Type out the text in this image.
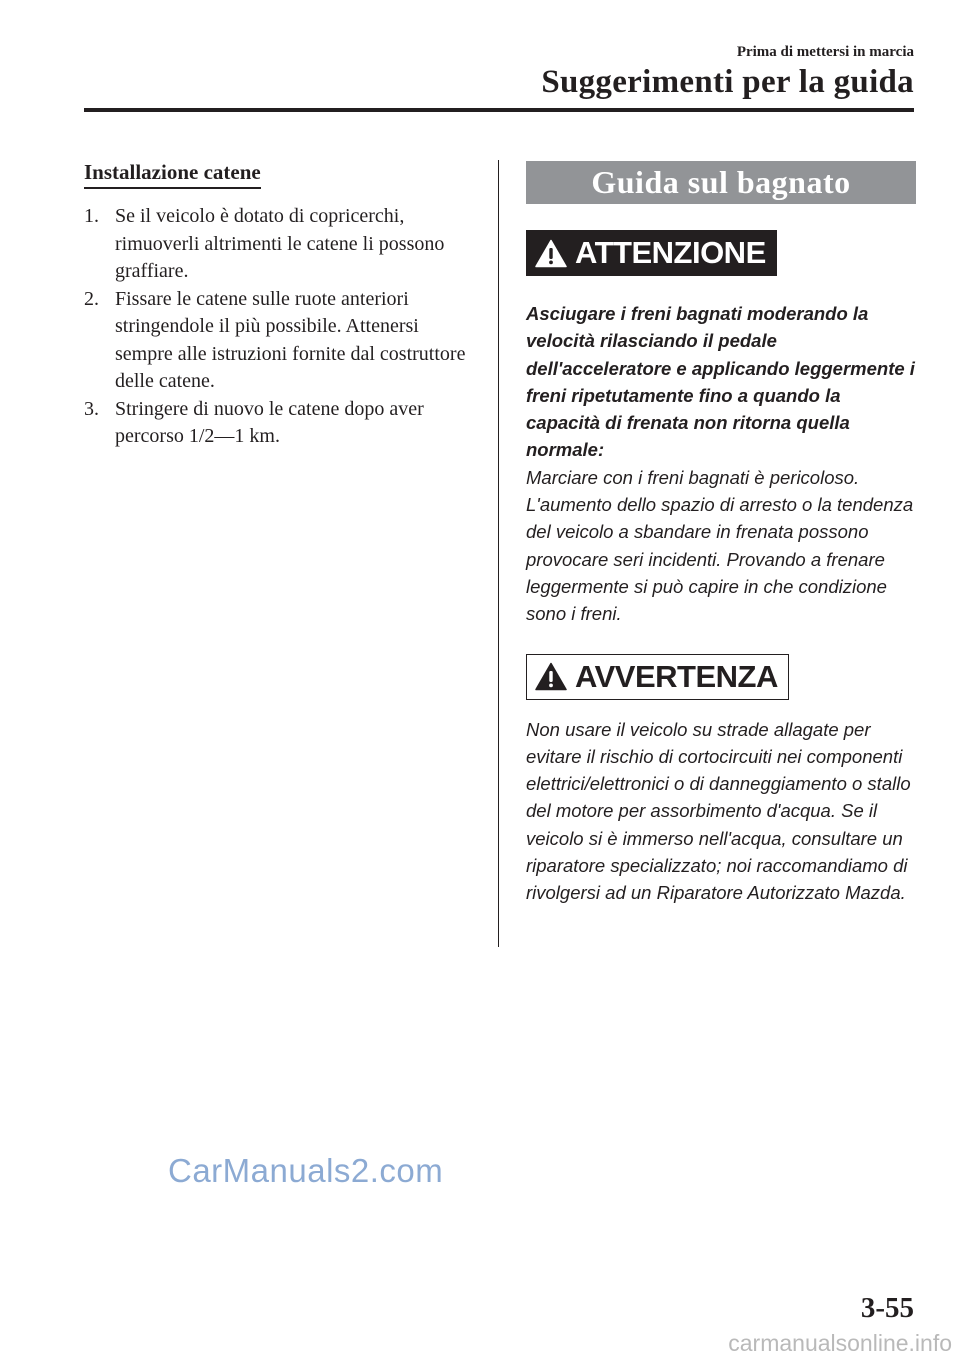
Prima di mettersi in marcia
Suggerimenti per la guida
Installazione catene
1. Se il veicolo è dotato di copricerchi, rimuoverli altrimenti le catene li possono graffiare.
2. Fissare le catene sulle ruote anteriori stringendole il più possibile. Attenersi sempre alle istruzioni fornite dal costruttore delle catene.
3. Stringere di nuovo le catene dopo aver percorso 1/2―1 km.
Guida sul bagnato
ATTENZIONE

Asciugare i freni bagnati moderando la velocità rilasciando il pedale dell'acceleratore e applicando leggermente i freni ripetutamente fino a quando la capacità di frenata non ritorna quella normale:

Marciare con i freni bagnati è pericoloso. L'aumento dello spazio di arresto o la tendenza del veicolo a sbandare in frenata possono provocare seri incidenti. Provando a frenare leggermente si può capire in che condizione sono i freni.

AVVERTENZA

Non usare il veicolo su strade allagate per evitare il rischio di cortocircuiti nei componenti elettrici/elettronici o di danneggiamento o stallo del motore per assorbimento d'acqua. Se il veicolo si è immerso nell'acqua, consultare un riparatore specializzato; noi raccomandiamo di rivolgersi ad un Riparatore Autorizzato Mazda.

CarManuals2.com
3-55
carmanualsonline.info
